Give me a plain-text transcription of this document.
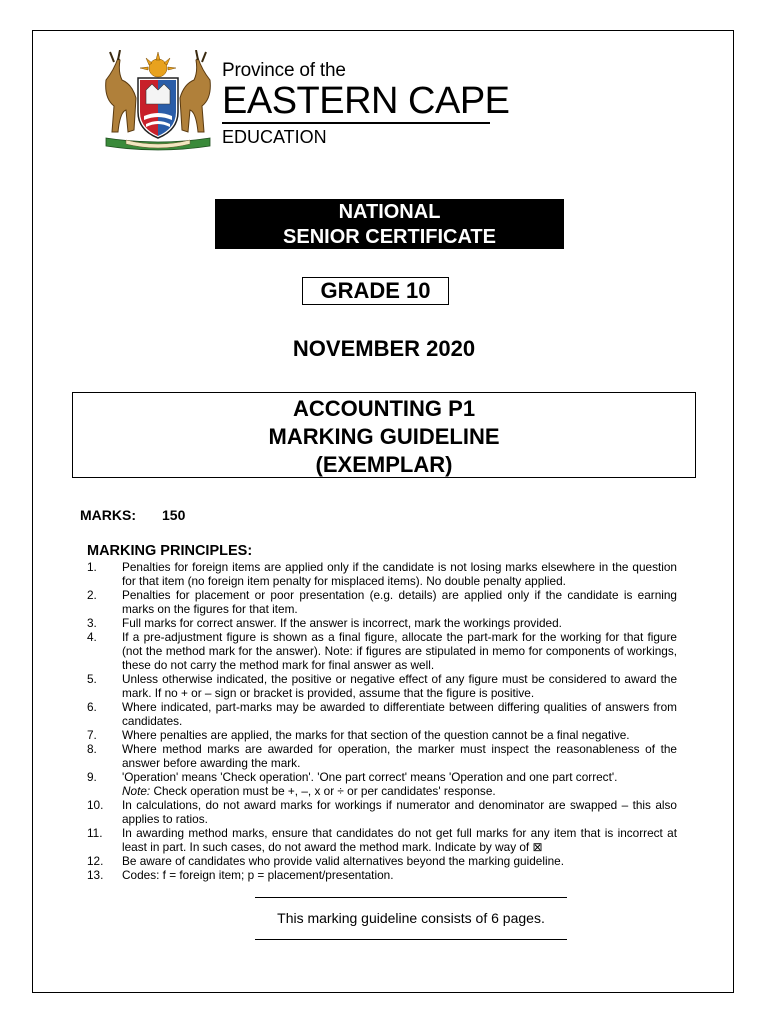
Province of the
EASTERN CAPE
EDUCATION
NATIONAL
SENIOR CERTIFICATE
GRADE 10
NOVEMBER 2020
ACCOUNTING P1
MARKING GUIDELINE
(EXEMPLAR)
MARKS: 150
MARKING PRINCIPLES:
1.	Penalties for foreign items are applied only if the candidate is not losing marks elsewhere in the question for that item (no foreign item penalty for misplaced items). No double penalty applied.
2.	Penalties for placement or poor presentation (e.g. details) are applied only if the candidate is earning marks on the figures for that item.
3.	Full marks for correct answer. If the answer is incorrect, mark the workings provided.
4.	If a pre-adjustment figure is shown as a final figure, allocate the part-mark for the working for that figure (not the method mark for the answer). Note: if figures are stipulated in memo for components of workings, these do not carry the method mark for final answer as well.
5.	Unless otherwise indicated, the positive or negative effect of any figure must be considered to award the mark. If no + or – sign or bracket is provided, assume that the figure is positive.
6.	Where indicated, part-marks may be awarded to differentiate between differing qualities of answers from candidates.
7.	Where penalties are applied, the marks for that section of the question cannot be a final negative.
8.	Where method marks are awarded for operation, the marker must inspect the reasonableness of the answer before awarding the mark.
9.	'Operation' means 'Check operation'. 'One part correct' means 'Operation and one part correct'.
Note: Check operation must be +, –, x or ÷ or per candidates' response.
10.	In calculations, do not award marks for workings if numerator and denominator are swapped – this also applies to ratios.
11.	In awarding method marks, ensure that candidates do not get full marks for any item that is incorrect at least in part. In such cases, do not award the method mark. Indicate by way of ⊠
12.	Be aware of candidates who provide valid alternatives beyond the marking guideline.
13.	Codes: f = foreign item; p = placement/presentation.
This marking guideline consists of 6 pages.
